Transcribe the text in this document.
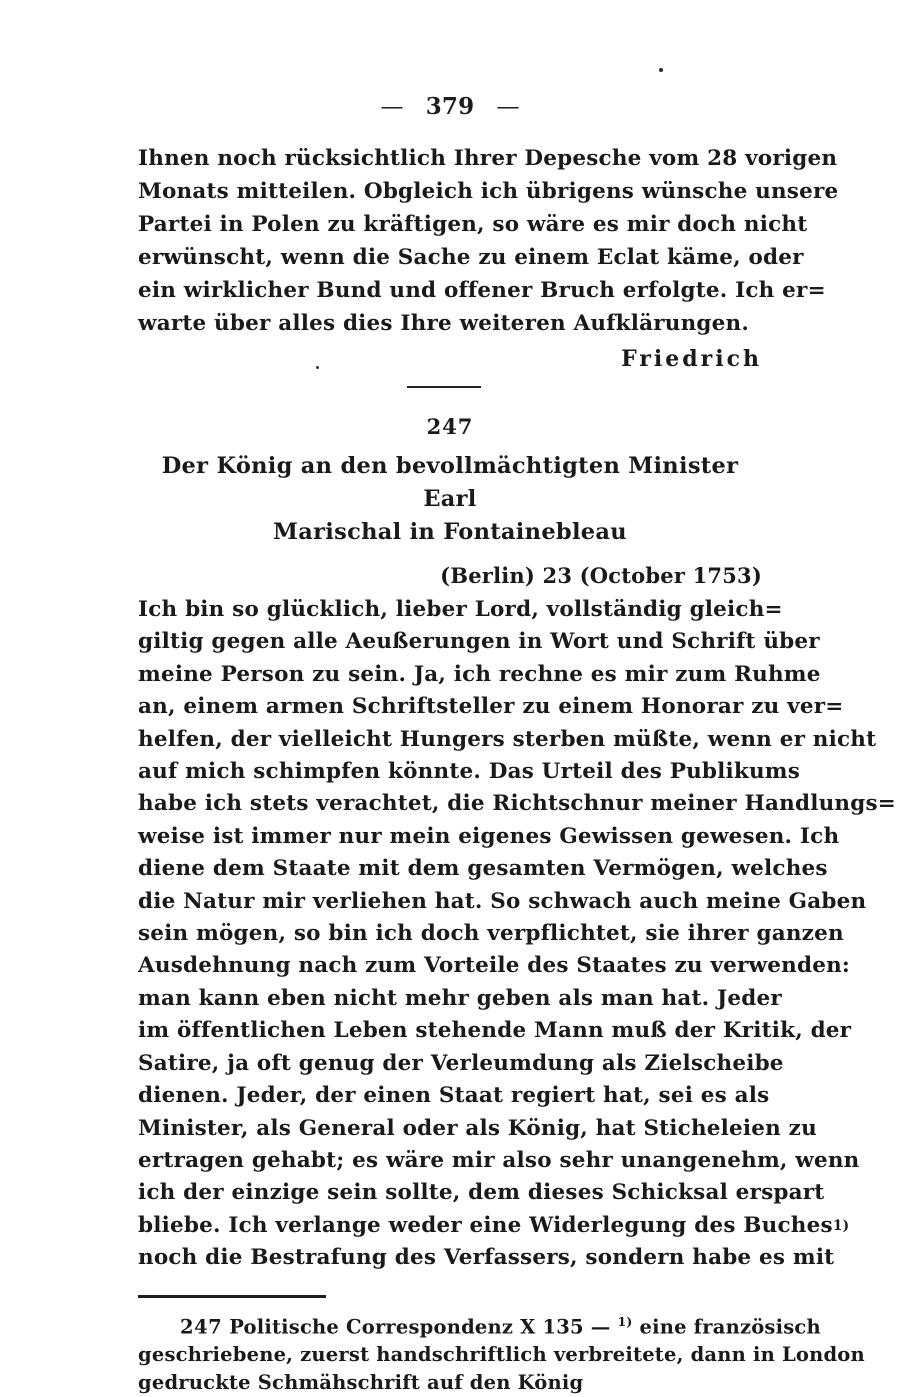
— 379 —
Ihnen noch rücksichtlich Ihrer Depesche vom 28 vorigen
Monats mitteilen. Obgleich ich übrigens wünsche unsere
Partei in Polen zu kräftigen, so wäre es mir doch nicht
erwünscht, wenn die Sache zu einem Eclat käme, oder
ein wirklicher Bund und offener Bruch erfolgte. Ich er=
warte über alles dies Ihre weiteren Aufklärungen.
Friedrich
247
Der König an den bevollmächtigten Minister Earl
Marischal in Fontainebleau
(Berlin) 23 (October 1753)
Ich bin so glücklich, lieber Lord, vollständig gleich=
giltig gegen alle Aeußerungen in Wort und Schrift über
meine Person zu sein. Ja, ich rechne es mir zum Ruhme
an, einem armen Schriftsteller zu einem Honorar zu ver=
helfen, der vielleicht Hungers sterben müßte, wenn er nicht
auf mich schimpfen könnte. Das Urteil des Publikums
habe ich stets verachtet, die Richtschnur meiner Handlungs=
weise ist immer nur mein eigenes Gewissen gewesen. Ich
diene dem Staate mit dem gesamten Vermögen, welches
die Natur mir verliehen hat. So schwach auch meine Gaben
sein mögen, so bin ich doch verpflichtet, sie ihrer ganzen
Ausdehnung nach zum Vorteile des Staates zu verwenden:
man kann eben nicht mehr geben als man hat. Jeder
im öffentlichen Leben stehende Mann muß der Kritik, der
Satire, ja oft genug der Verleumdung als Zielscheibe
dienen. Jeder, der einen Staat regiert hat, sei es als
Minister, als General oder als König, hat Sticheleien zu
ertragen gehabt; es wäre mir also sehr unangenehm, wenn
ich der einzige sein sollte, dem dieses Schicksal erspart
bliebe. Ich verlange weder eine Widerlegung des Buches 1)
noch die Bestrafung des Verfassers, sondern habe es mit
247 Politische Correspondenz X 135 — $^{1)}$ eine französisch
geschriebene, zuerst handschriftlich verbreitete, dann in London
gedruckte Schmähschrift auf den König
